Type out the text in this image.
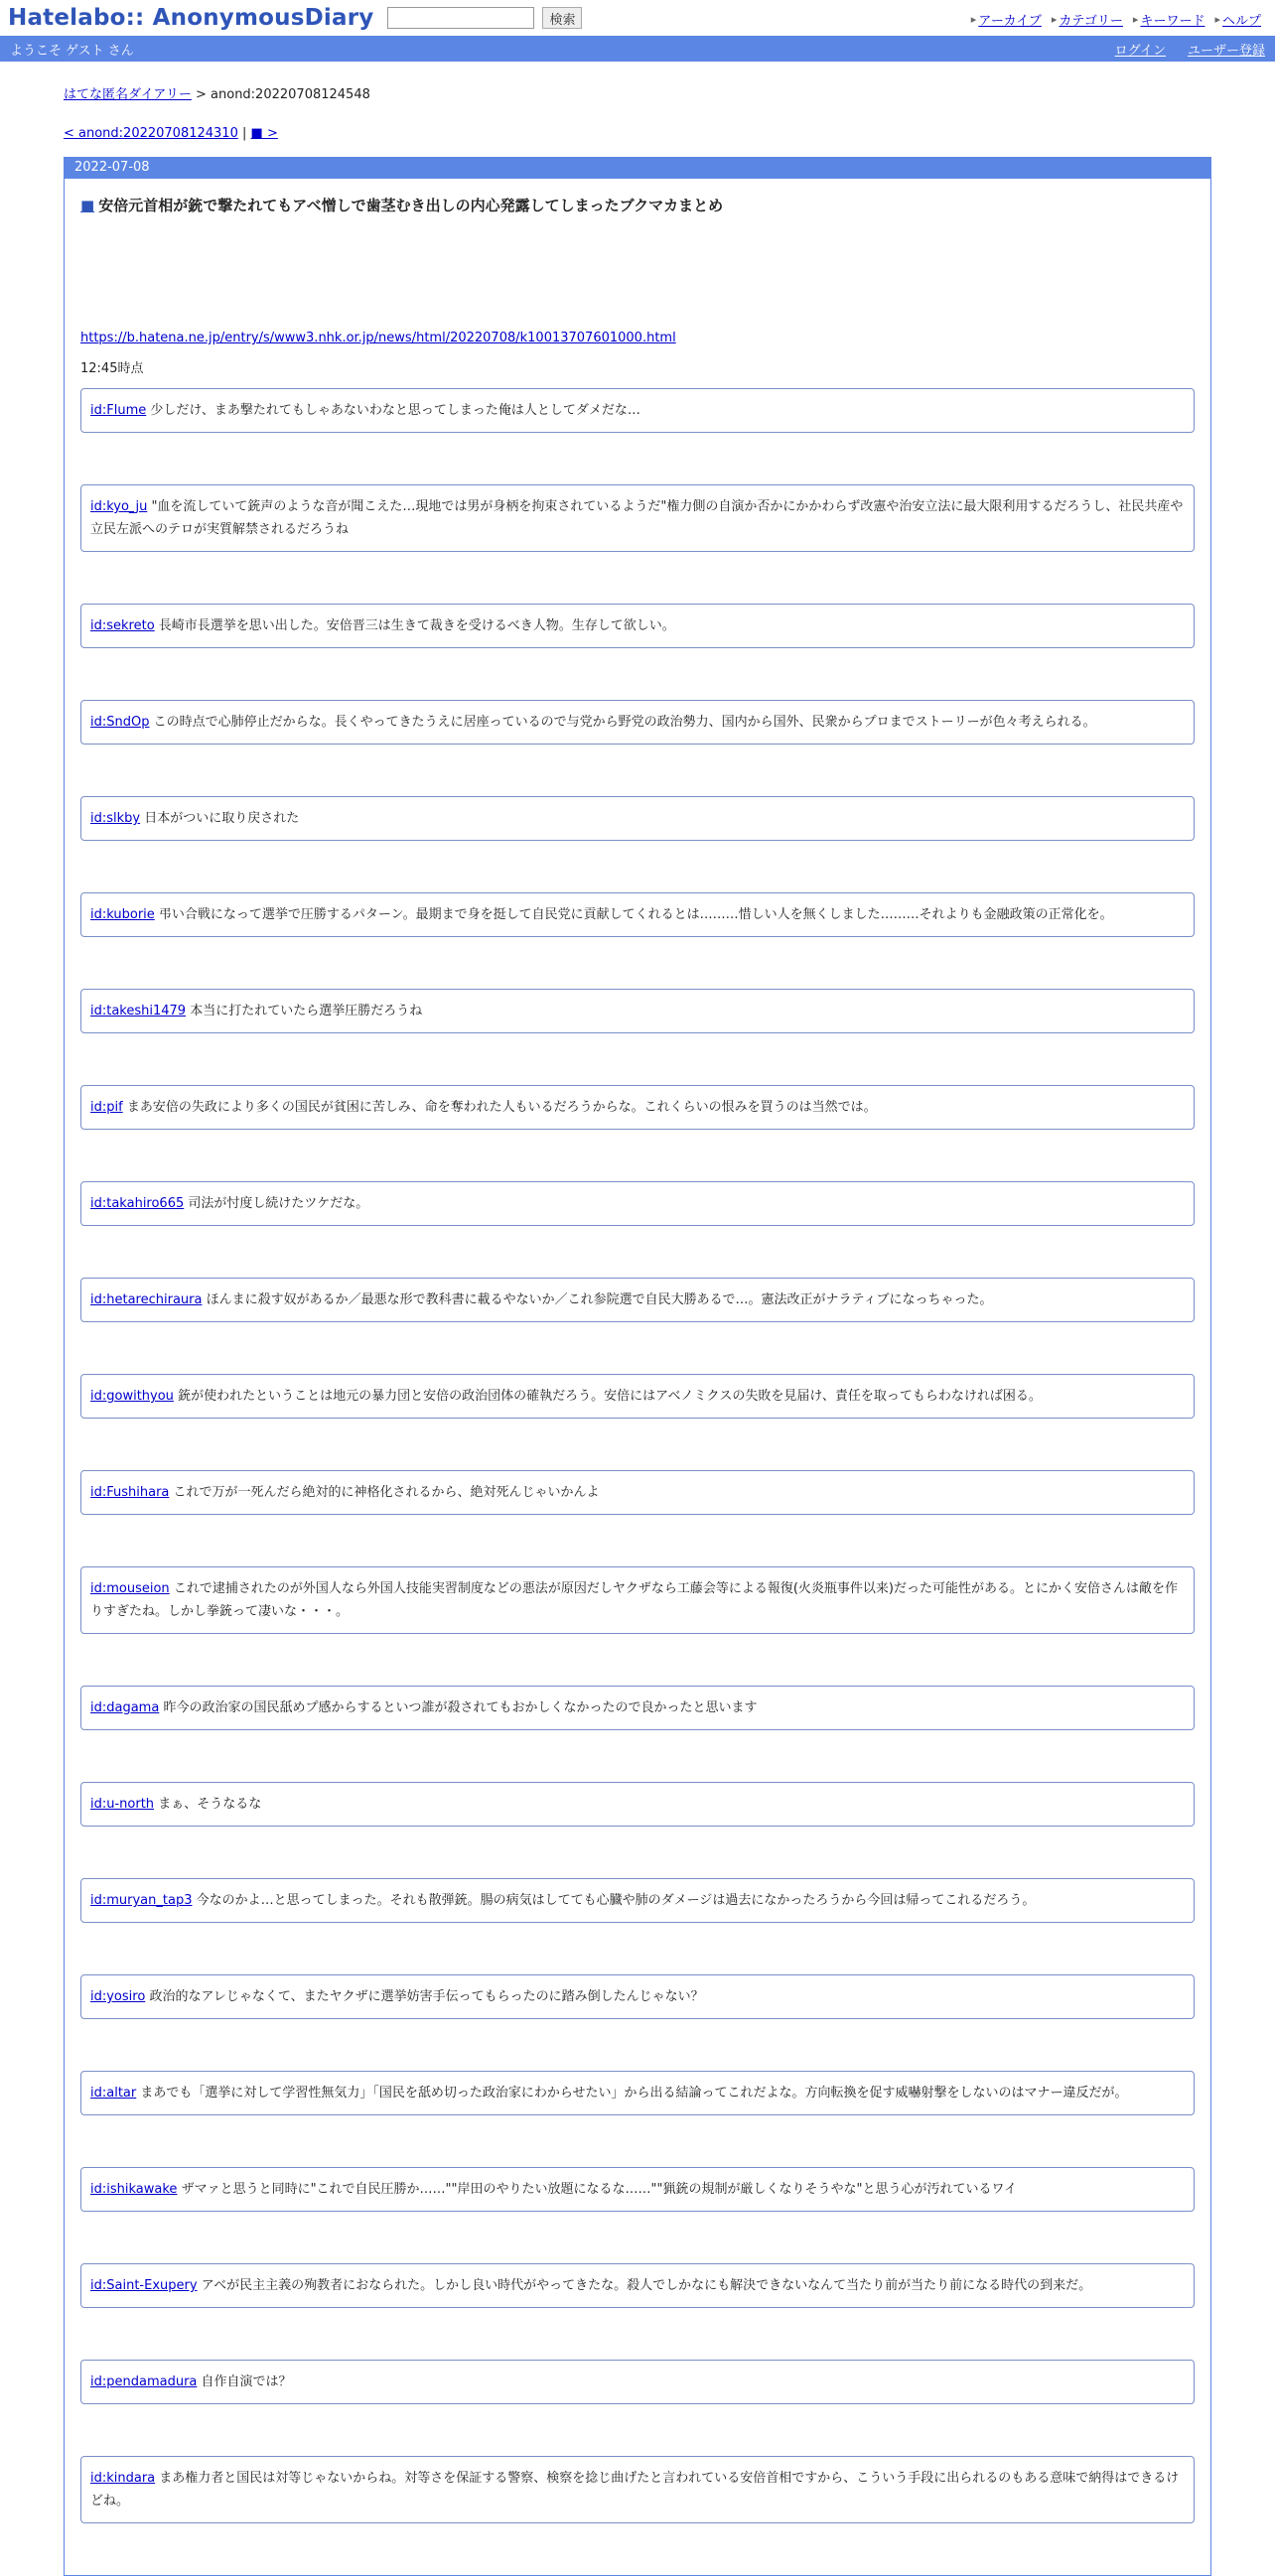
Hatelabo:: AnonymousDiary	検索	▸ アーカイブ ▸ カテゴリー ▸ キーワード ▸ ヘルプ
ようこそ ゲスト さん	ログイン ユーザー登録
はてな匿名ダイアリー > anond:20220708124548
< anond:20220708124310 | ■ >
2022-07-08
■ 安倍元首相が銃で撃たれてもアベ憎しで歯茎むき出しの内心発露してしまったブクマカまとめ
https://b.hatena.ne.jp/entry/s/www3.nhk.or.jp/news/html/20220708/k10013707601000.html
12:45時点
id:Flume 少しだけ、まあ撃たれてもしゃあないわなと思ってしまった俺は人としてダメだな…
id:kyo_ju "血を流していて銃声のような音が聞こえた…現地では男が身柄を拘束されているようだ"権力側の自演か否かにかかわらず改憲や治安立法に最大限利用するだろうし、社民共産や立民左派へのテロが実質解禁されるだろうね
id:sekreto 長崎市長選挙を思い出した。安倍晋三は生きて裁きを受けるべき人物。生存して欲しい。
id:SndOp この時点で心肺停止だからな。長くやってきたうえに居座っているので与党から野党の政治勢力、国内から国外、民衆からプロまでストーリーが色々考えられる。
id:slkby 日本がついに取り戻された
id:kuborie 弔い合戦になって選挙で圧勝するパターン。最期まで身を挺して自民党に貢献してくれるとは………惜しい人を無くしました………それよりも金融政策の正常化を。
id:takeshi1479 本当に打たれていたら選挙圧勝だろうね
id:pif まあ安倍の失政により多くの国民が貧困に苦しみ、命を奪われた人もいるだろうからな。これくらいの恨みを買うのは当然では。
id:takahiro665 司法が忖度し続けたツケだな。
id:hetarechiraura ほんまに殺す奴があるか／最悪な形で教科書に載るやないか／これ参院選で自民大勝あるで…。憲法改正がナラティブになっちゃった。
id:gowithyou 銃が使われたということは地元の暴力団と安倍の政治団体の確執だろう。安倍にはアベノミクスの失敗を見届け、責任を取ってもらわなければ困る。
id:Fushihara これで万が一死んだら絶対的に神格化されるから、絶対死んじゃいかんよ
id:mouseion これで逮捕されたのが外国人なら外国人技能実習制度などの悪法が原因だしヤクザなら工藤会等による報復(火炎瓶事件以来)だった可能性がある。とにかく安倍さんは敵を作りすぎたね。しかし拳銃って凄いな・・・。
id:dagama 昨今の政治家の国民舐めプ感からするといつ誰が殺されてもおかしくなかったので良かったと思います
id:u-north まぁ、そうなるな
id:muryan_tap3 今なのかよ…と思ってしまった。それも散弾銃。腸の病気はしてても心臓や肺のダメージは過去になかったろうから今回は帰ってこれるだろう。
id:yosiro 政治的なアレじゃなくて、またヤクザに選挙妨害手伝ってもらったのに踏み倒したんじゃない？
id:altar まあでも「選挙に対して学習性無気力」「国民を舐め切った政治家にわからせたい」から出る結論ってこれだよな。方向転換を促す威嚇射撃をしないのはマナー違反だが。
id:ishikawake ザマァと思うと同時に"これで自民圧勝か……""岸田のやりたい放題になるな……""猟銃の規制が厳しくなりそうやな"と思う心が汚れているワイ
id:Saint-Exupery アベが民主主義の殉教者におなられた。しかし良い時代がやってきたな。殺人でしかなにも解決できないなんて当たり前が当たり前になる時代の到来だ。
id:pendamadura 自作自演では？
id:kindara まあ権力者と国民は対等じゃないからね。対等さを保証する警察、検察を捻じ曲げたと言われている安倍首相ですから、こういう手段に出られるのもある意味で納得はできるけどね。
